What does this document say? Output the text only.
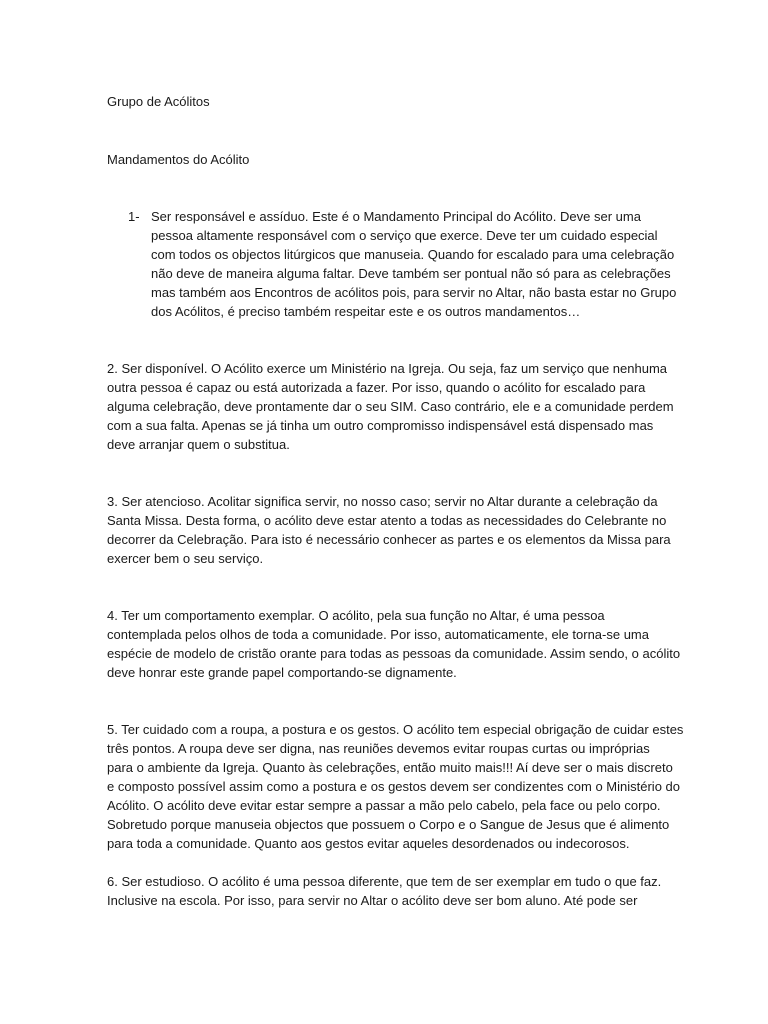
Grupo de Acólitos
Mandamentos do Acólito
1- Ser responsável e assíduo. Este é o Mandamento Principal do Acólito. Deve ser uma
pessoa altamente responsável com o serviço que exerce. Deve ter um cuidado especial
com todos os objectos litúrgicos que manuseia. Quando for escalado para uma celebração
não deve de maneira alguma faltar. Deve também ser pontual não só para as celebrações
mas também aos Encontros de acólitos pois, para servir no Altar, não basta estar no Grupo
dos Acólitos, é preciso também respeitar este e os outros mandamentos…
2. Ser disponível. O Acólito exerce um Ministério na Igreja. Ou seja, faz um serviço que nenhuma
outra pessoa é capaz ou está autorizada a fazer. Por isso, quando o acólito for escalado para
alguma celebração, deve prontamente dar o seu SIM. Caso contrário, ele e a comunidade perdem
com a sua falta. Apenas se já tinha um outro compromisso indispensável está dispensado mas
deve arranjar quem o substitua.
3. Ser atencioso. Acolitar significa servir, no nosso caso; servir no Altar durante a celebração da
Santa Missa. Desta forma, o acólito deve estar atento a todas as necessidades do Celebrante no
decorrer da Celebração. Para isto é necessário conhecer as partes e os elementos da Missa para
exercer bem o seu serviço.
4. Ter um comportamento exemplar. O acólito, pela sua função no Altar, é uma pessoa
contemplada pelos olhos de toda a comunidade. Por isso, automaticamente, ele torna-se uma
espécie de modelo de cristão orante para todas as pessoas da comunidade. Assim sendo, o acólito
deve honrar este grande papel comportando-se dignamente.
5. Ter cuidado com a roupa, a postura e os gestos. O acólito tem especial obrigação de cuidar estes
três pontos. A roupa deve ser digna, nas reuniões devemos evitar roupas curtas ou impróprias
para o ambiente da Igreja. Quanto às celebrações, então muito mais!!! Aí deve ser o mais discreto
e composto possível assim como a postura e os gestos devem ser condizentes com o Ministério do
Acólito. O acólito deve evitar estar sempre a passar a mão pelo cabelo, pela face ou pelo corpo.
Sobretudo porque manuseia objectos que possuem o Corpo e o Sangue de Jesus que é alimento
para toda a comunidade. Quanto aos gestos evitar aqueles desordenados ou indecorosos.
6. Ser estudioso. O acólito é uma pessoa diferente, que tem de ser exemplar em tudo o que faz.
Inclusive na escola. Por isso, para servir no Altar o acólito deve ser bom aluno. Até pode ser
